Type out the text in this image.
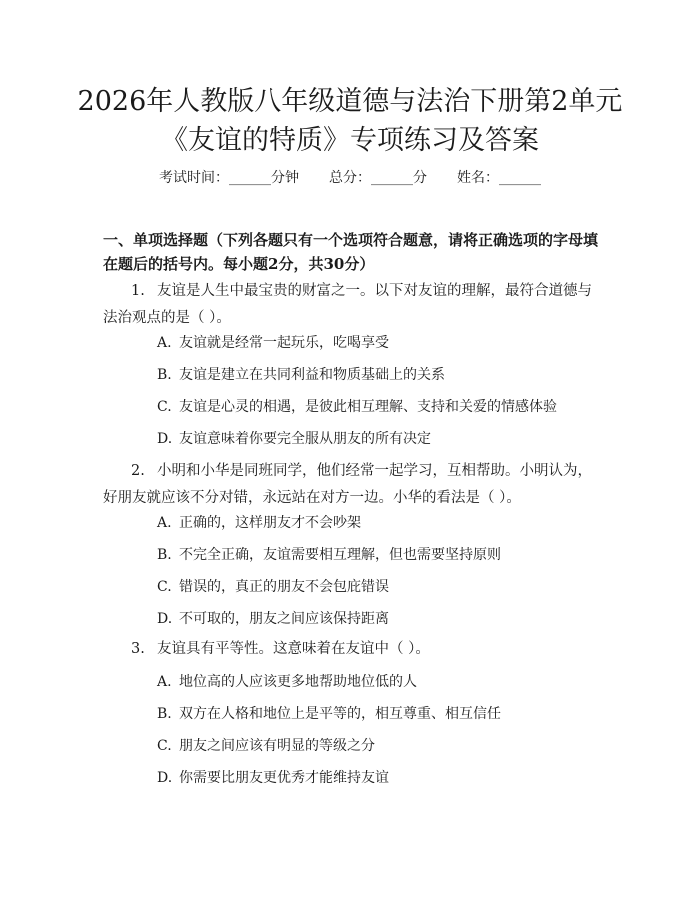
2026年人教版八年级道德与法治下册第2单元《友谊的特质》专项练习及答案
考试时间：______分钟 总分：______分 姓名：______

一、单项选择题（下列各题只有一个选项符合题意，请将正确选项的字母填在题后的括号内。每小题2分，共30分）

1. 友谊是人生中最宝贵的财富之一。以下对友谊的理解，最符合道德与法治观点的是（ ）。

A. 友谊就是经常一起玩乐，吃喝享受

B. 友谊是建立在共同利益和物质基础上的关系

C. 友谊是心灵的相遇，是彼此相互理解、支持和关爱的情感体验

D. 友谊意味着你要完全服从朋友的所有决定

2. 小明和小华是同班同学，他们经常一起学习，互相帮助。小明认为，好朋友就应该不分对错，永远站在对方一边。小华的看法是（ ）。

A. 正确的，这样朋友才不会吵架

B. 不完全正确，友谊需要相互理解，但也需要坚持原则

C. 错误的，真正的朋友不会包庇错误

D. 不可取的，朋友之间应该保持距离

3. 友谊具有平等性。这意味着在友谊中（ ）。

A. 地位高的人应该更多地帮助地位低的人

B. 双方在人格和地位上是平等的，相互尊重、相互信任

C. 朋友之间应该有明显的等级之分

D. 你需要比朋友更优秀才能维持友谊
